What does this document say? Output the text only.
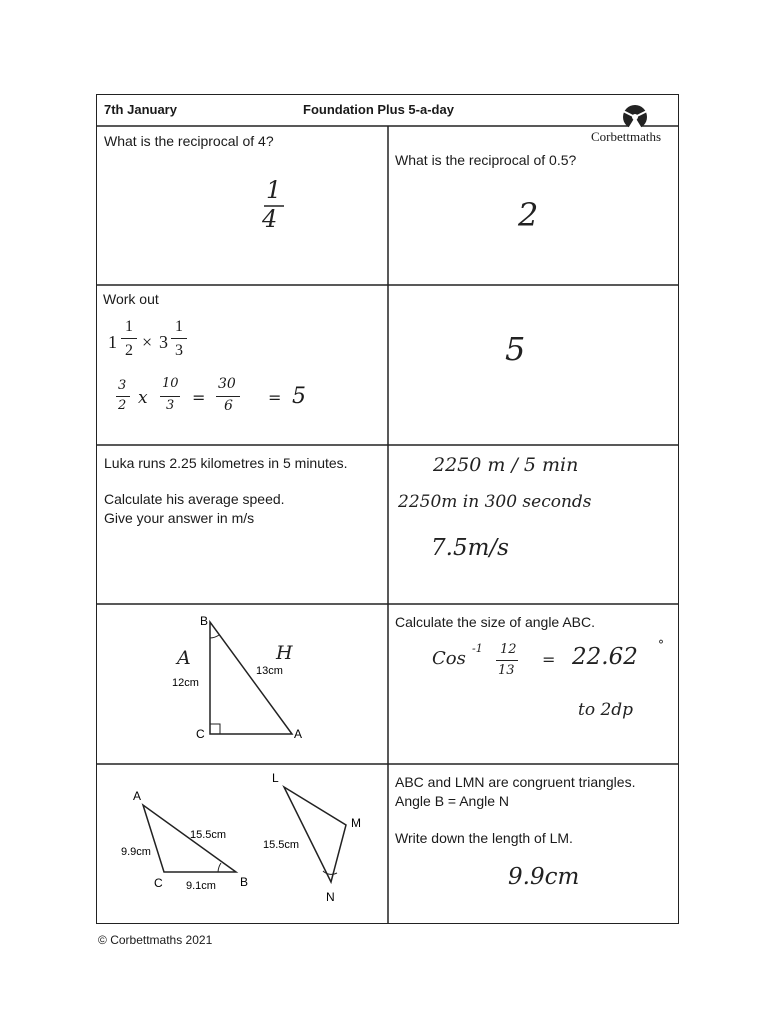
7th January	Foundation Plus 5-a-day
Corbettmaths
What is the reciprocal of 4?
1
4
What is the reciprocal of 0.5?
2
Work out
1
1
2 × 3
1
3
3
2 x
10
3 =
30
6 = 5
5
Luka runs 2.25 kilometres in 5 minutes.
Calculate his average speed.
Give your answer in m/s
2250 m / 5 min
2250m in 300 seconds
7.5m/s
B
C	A
12cm
13cm
A	H
Calculate the size of angle ABC.
Cos -1 12
13
= 22.62 °
to 2dp
A
C	B
15.5cm
9.9cm
9.1cm
L
M
N
15.5cm
ABC and LMN are congruent triangles.
Angle B = Angle N
Write down the length of LM.
9.9cm
© Corbettmaths 2021
